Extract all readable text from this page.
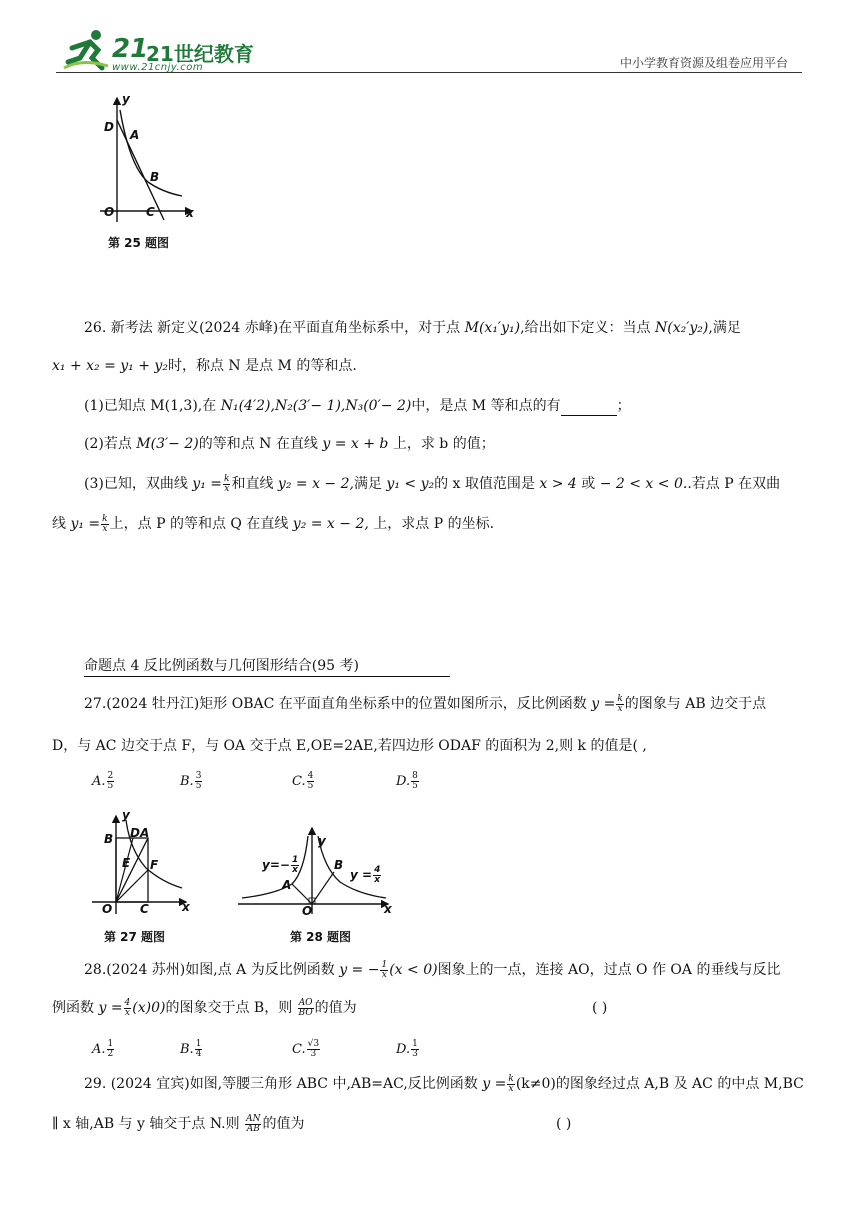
21
21世纪教育
www.21cnjy.com	中小学教育资源及组卷应用平台
y
D
A
B
O	C	x
第 25 题图
26. 新考法 新定义(2024 赤峰)在平面直角坐标系中，对于点 M(x₁′y₁),给出如下定义：当点 N(x₂′y₂),满足
x₁ + x₂ = y₁ + y₂时，称点 N 是点 M 的等和点.
(1)已知点 M(1,3),在 N₁(4′2),N₂(3′− 1),N₃(0′− 2)中，是点 M 等和点的有	；
(2)若点 M(3′− 2)的等和点 N 在直线 y = x + b 上，求 b 的值；
(3)已知，双曲线 $y_1 = \frac{k}{x}$ 和直线 y₂ = x − 2,满足 y₁ < y₂的 x 取值范围是 x > 4 或 − 2 < x < 0..若点 P 在双曲
线 $y_1 = \frac{k}{x}$ 上，点 P 的等和点 Q 在直线 y₂ = x − 2, 上，求点 P 的坐标.
命题点 4 反比例函数与几何图形结合(95 考)
27.(2024 牡丹江)矩形 OBAC 在平面直角坐标系中的位置如图所示，反比例函数 $y = \frac{k}{x}$ 的图象与 AB 边交于点
D，与 AC 边交于点 F，与 OA 交于点 E,OE=2AE,若四边形 ODAF 的面积为 2,则 k 的值是( ,
A. $\frac{2}{5}$	B. $\frac{3}{5}$	C. $\frac{4}{5}$	D. $\frac{8}{5}$
y
B DA
E F
O C	x
第 27 题图
y
$y=- \frac{1}{x}$	$y = \frac{4}{x}$
B
A
O	x
第 28 题图
28.(2024 苏州)如图,点 A 为反比例函数 y = − $\frac{1}{x} (x < 0)$图象上的一点，连接 AO，过点 O 作 OA 的垂线与反比
例函数 $y = \frac{4}{x} (x)0$)的图象交于点 B，则 $\frac{AO}{BO}$ 的值为	( )
A. $\frac{1}{2}$	B. $\frac{1}{4}$	C. $\frac{√3}{3}$	D. $\frac{1}{3}$
29. (2024 宜宾)如图,等腰三角形 ABC 中,AB=AC,反比例函数 $y = \frac{k}{x} (k\ne 0)$的图象经过点 A,B 及 AC 的中点 M,BC
∥ x 轴,AB 与 y 轴交于点 N.则 $\frac{AN}{AB}$ 的值为	( )
